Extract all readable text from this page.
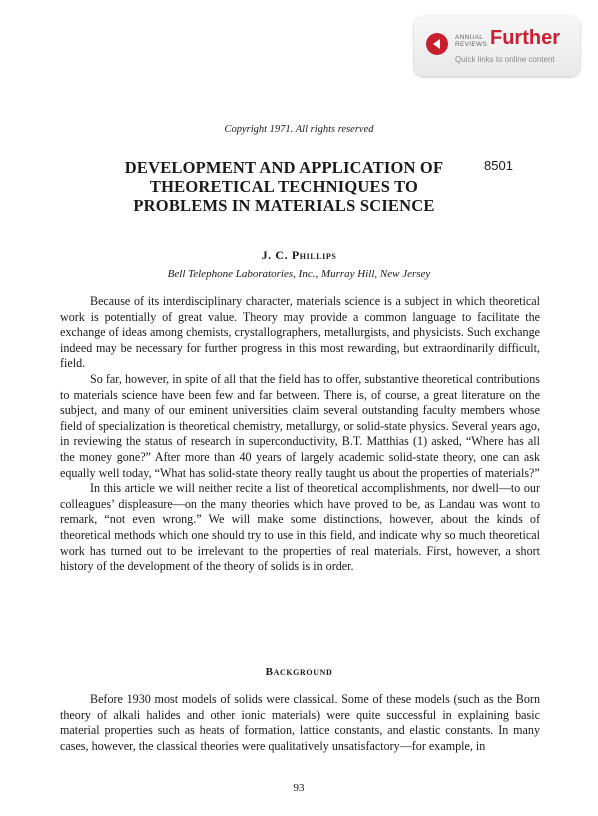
ANNUAL REVIEWS Further
Quick links to online content
Copyright 1971. All rights reserved
DEVELOPMENT AND APPLICATION OF THEORETICAL TECHNIQUES TO PROBLEMS IN MATERIALS SCIENCE
8501
J. C. Phillips
Bell Telephone Laboratories, Inc., Murray Hill, New Jersey

Because of its interdisciplinary character, materials science is a subject in which theoretical work is potentially of great value. Theory may provide a common language to facilitate the exchange of ideas among chemists, crystallographers, metallurgists, and physicists. Such exchange indeed may be necessary for further progress in this most rewarding, but extraordinarily difficult, field.

So far, however, in spite of all that the field has to offer, substantive theoretical contributions to materials science have been few and far between. There is, of course, a great literature on the subject, and many of our eminent universities claim several outstanding faculty members whose field of specialization is theoretical chemistry, metallurgy, or solid-state physics. Several years ago, in reviewing the status of research in superconductivity, B.T. Matthias (1) asked, “Where has all the money gone?” After more than 40 years of largely academic solid-state theory, one can ask equally well today, “What has solid-state theory really taught us about the properties of materials?”

In this article we will neither recite a list of theoretical accomplishments, nor dwell—to our colleagues’ displeasure—on the many theories which have proved to be, as Landau was wont to remark, “not even wrong.” We will make some distinctions, however, about the kinds of theoretical methods which one should try to use in this field, and indicate why so much theoretical work has turned out to be irrelevant to the properties of real materials. First, however, a short history of the development of the theory of solids is in order.

Background

Before 1930 most models of solids were classical. Some of these models (such as the Born theory of alkali halides and other ionic materials) were quite successful in explaining basic material properties such as heats of formation, lattice constants, and elastic constants. In many cases, however, the classical theories were qualitatively unsatisfactory—for example, in

93
